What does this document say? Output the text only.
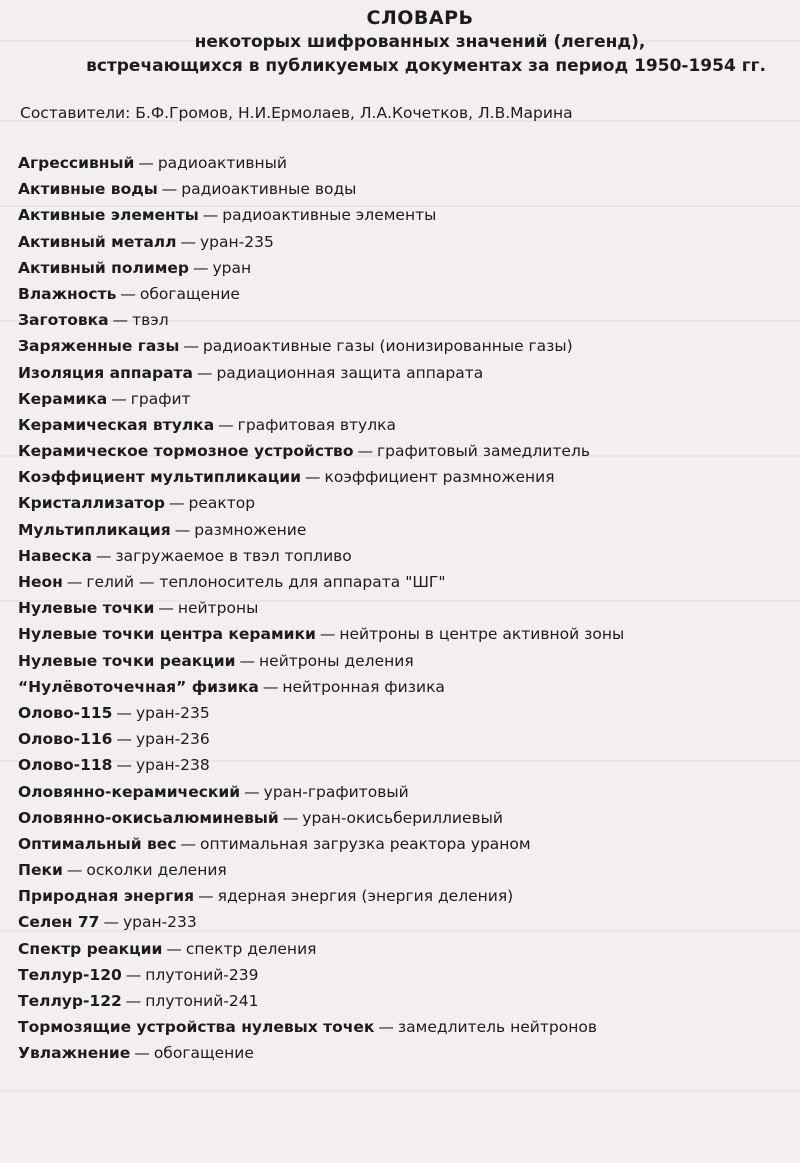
СЛОВАРЬ
некоторых шифрованных значений (легенд),
встречающихся в публикуемых документах за период 1950-1954 гг.
Составители: Б.Ф.Громов, Н.И.Ермолаев, Л.А.Кочетков, Л.В.Марина
Агрессивный — радиоактивный
Активные воды — радиоактивные воды
Активные элементы — радиоактивные элементы
Активный металл — уран-235
Активный полимер — уран
Влажность — обогащение
Заготовка — твэл
Заряженные газы — радиоактивные газы (ионизированные газы)
Изоляция аппарата — радиационная защита аппарата
Керамика — графит
Керамическая втулка — графитовая втулка
Керамическое тормозное устройство — графитовый замедлитель
Коэффициент мультипликации — коэффициент размножения
Кристаллизатор — реактор
Мультипликация — размножение
Навеска — загружаемое в твэл топливо
Неон — гелий — теплоноситель для аппарата "ШГ"
Нулевые точки — нейтроны
Нулевые точки центра керамики — нейтроны в центре активной зоны
Нулевые точки реакции — нейтроны деления
“Нулёвоточечная” физика — нейтронная физика
Олово-115 — уран-235
Олово-116 — уран-236
Олово-118 — уран-238
Оловянно-керамический — уран-графитовый
Оловянно-окисьалюминевый — уран-окисьбериллиевый
Оптимальный вес — оптимальная загрузка реактора ураном
Пеки — осколки деления
Природная энергия — ядерная энергия (энергия деления)
Селен 77 — уран-233
Спектр реакции — спектр деления
Теллур-120 — плутоний-239
Теллур-122 — плутоний-241
Тормозящие устройства нулевых точек — замедлитель нейтронов
Увлажнение — обогащение
